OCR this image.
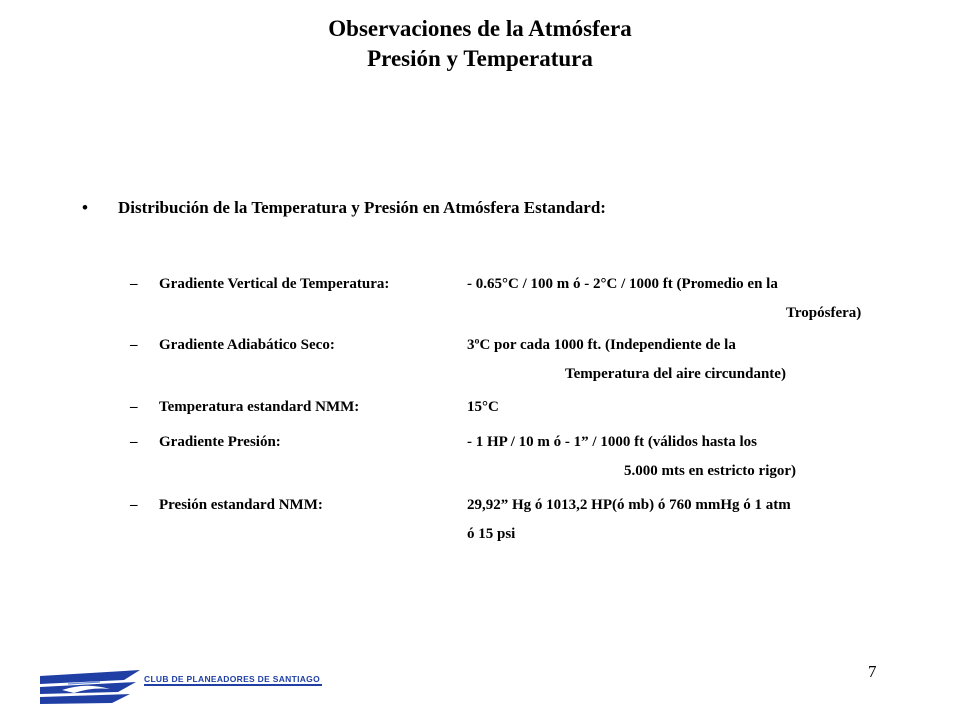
Observaciones de la Atmósfera
Presión y Temperatura
• Distribución de la Temperatura y Presión en Atmósfera Estandard:
– Gradiente Vertical de Temperatura:	- 0.65°C / 100 m ó - 2°C / 1000 ft (Promedio en la
Tropósfera)
– Gradiente Adiabático Seco:	3ºC por cada 1000 ft. (Independiente de la
Temperatura del aire circundante)
– Temperatura estandard NMM:	15°C
– Gradiente Presión:	- 1 HP / 10 m ó - 1” / 1000 ft (válidos hasta los
5.000 mts en estricto rigor)
– Presión estandard NMM:	29,92” Hg ó 1013,2 HP(ó mb) ó 760 mmHg ó 1 atm
ó 15 psi
CLUB DE PLANEADORES DE SANTIAGO	7
